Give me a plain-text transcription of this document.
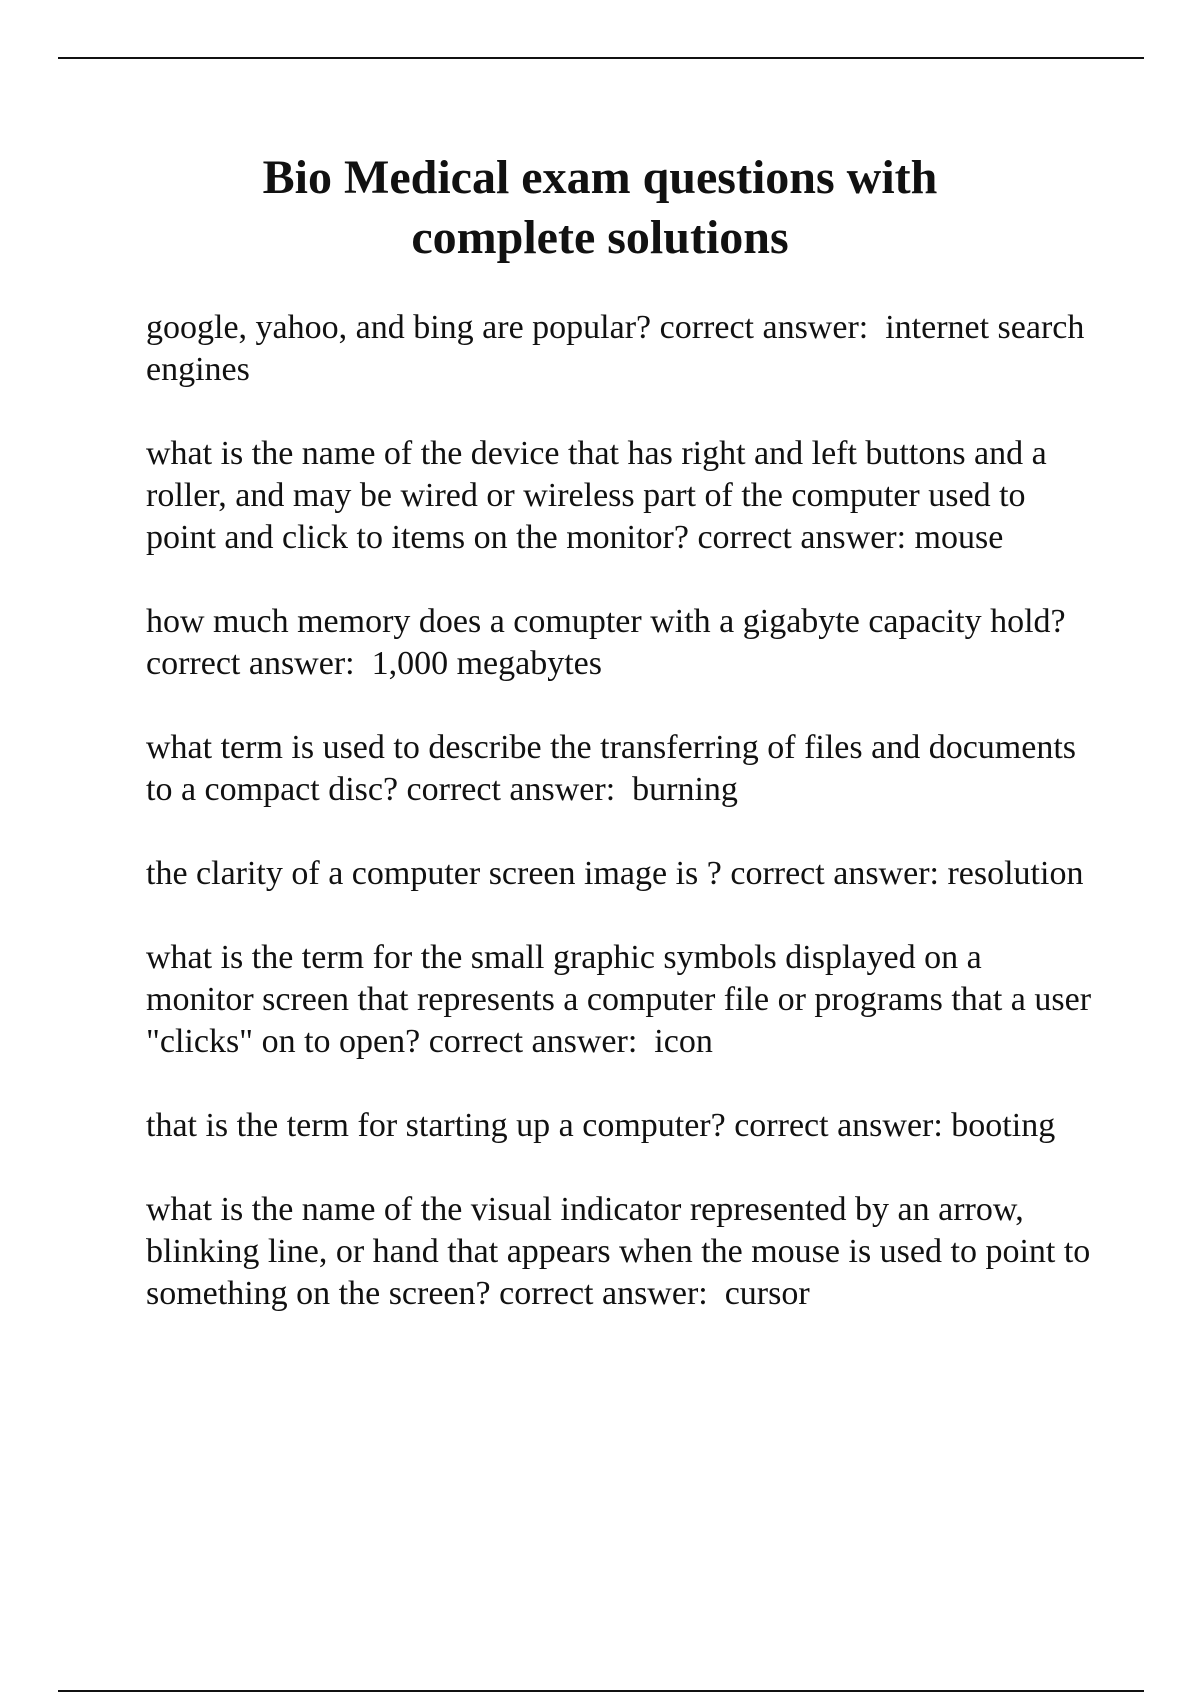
Bio Medical exam questions with
complete solutions
google, yahoo, and bing are popular? correct answer:  internet search engines
what is the name of the device that has right and left buttons and a roller, and may be wired or wireless part of the computer used to point and click to items on the monitor? correct answer: mouse
how much memory does a comupter with a gigabyte capacity hold? correct answer:  1,000 megabytes
what term is used to describe the transferring of files and documents to a compact disc? correct answer:  burning
the clarity of a computer screen image is ? correct answer: resolution
what is the term for the small graphic symbols displayed on a monitor screen that represents a computer file or programs that a user "clicks" on to open? correct answer:  icon
that is the term for starting up a computer? correct answer: booting
what is the name of the visual indicator represented by an arrow, blinking line, or hand that appears when the mouse is used to point to something on the screen? correct answer:  cursor
